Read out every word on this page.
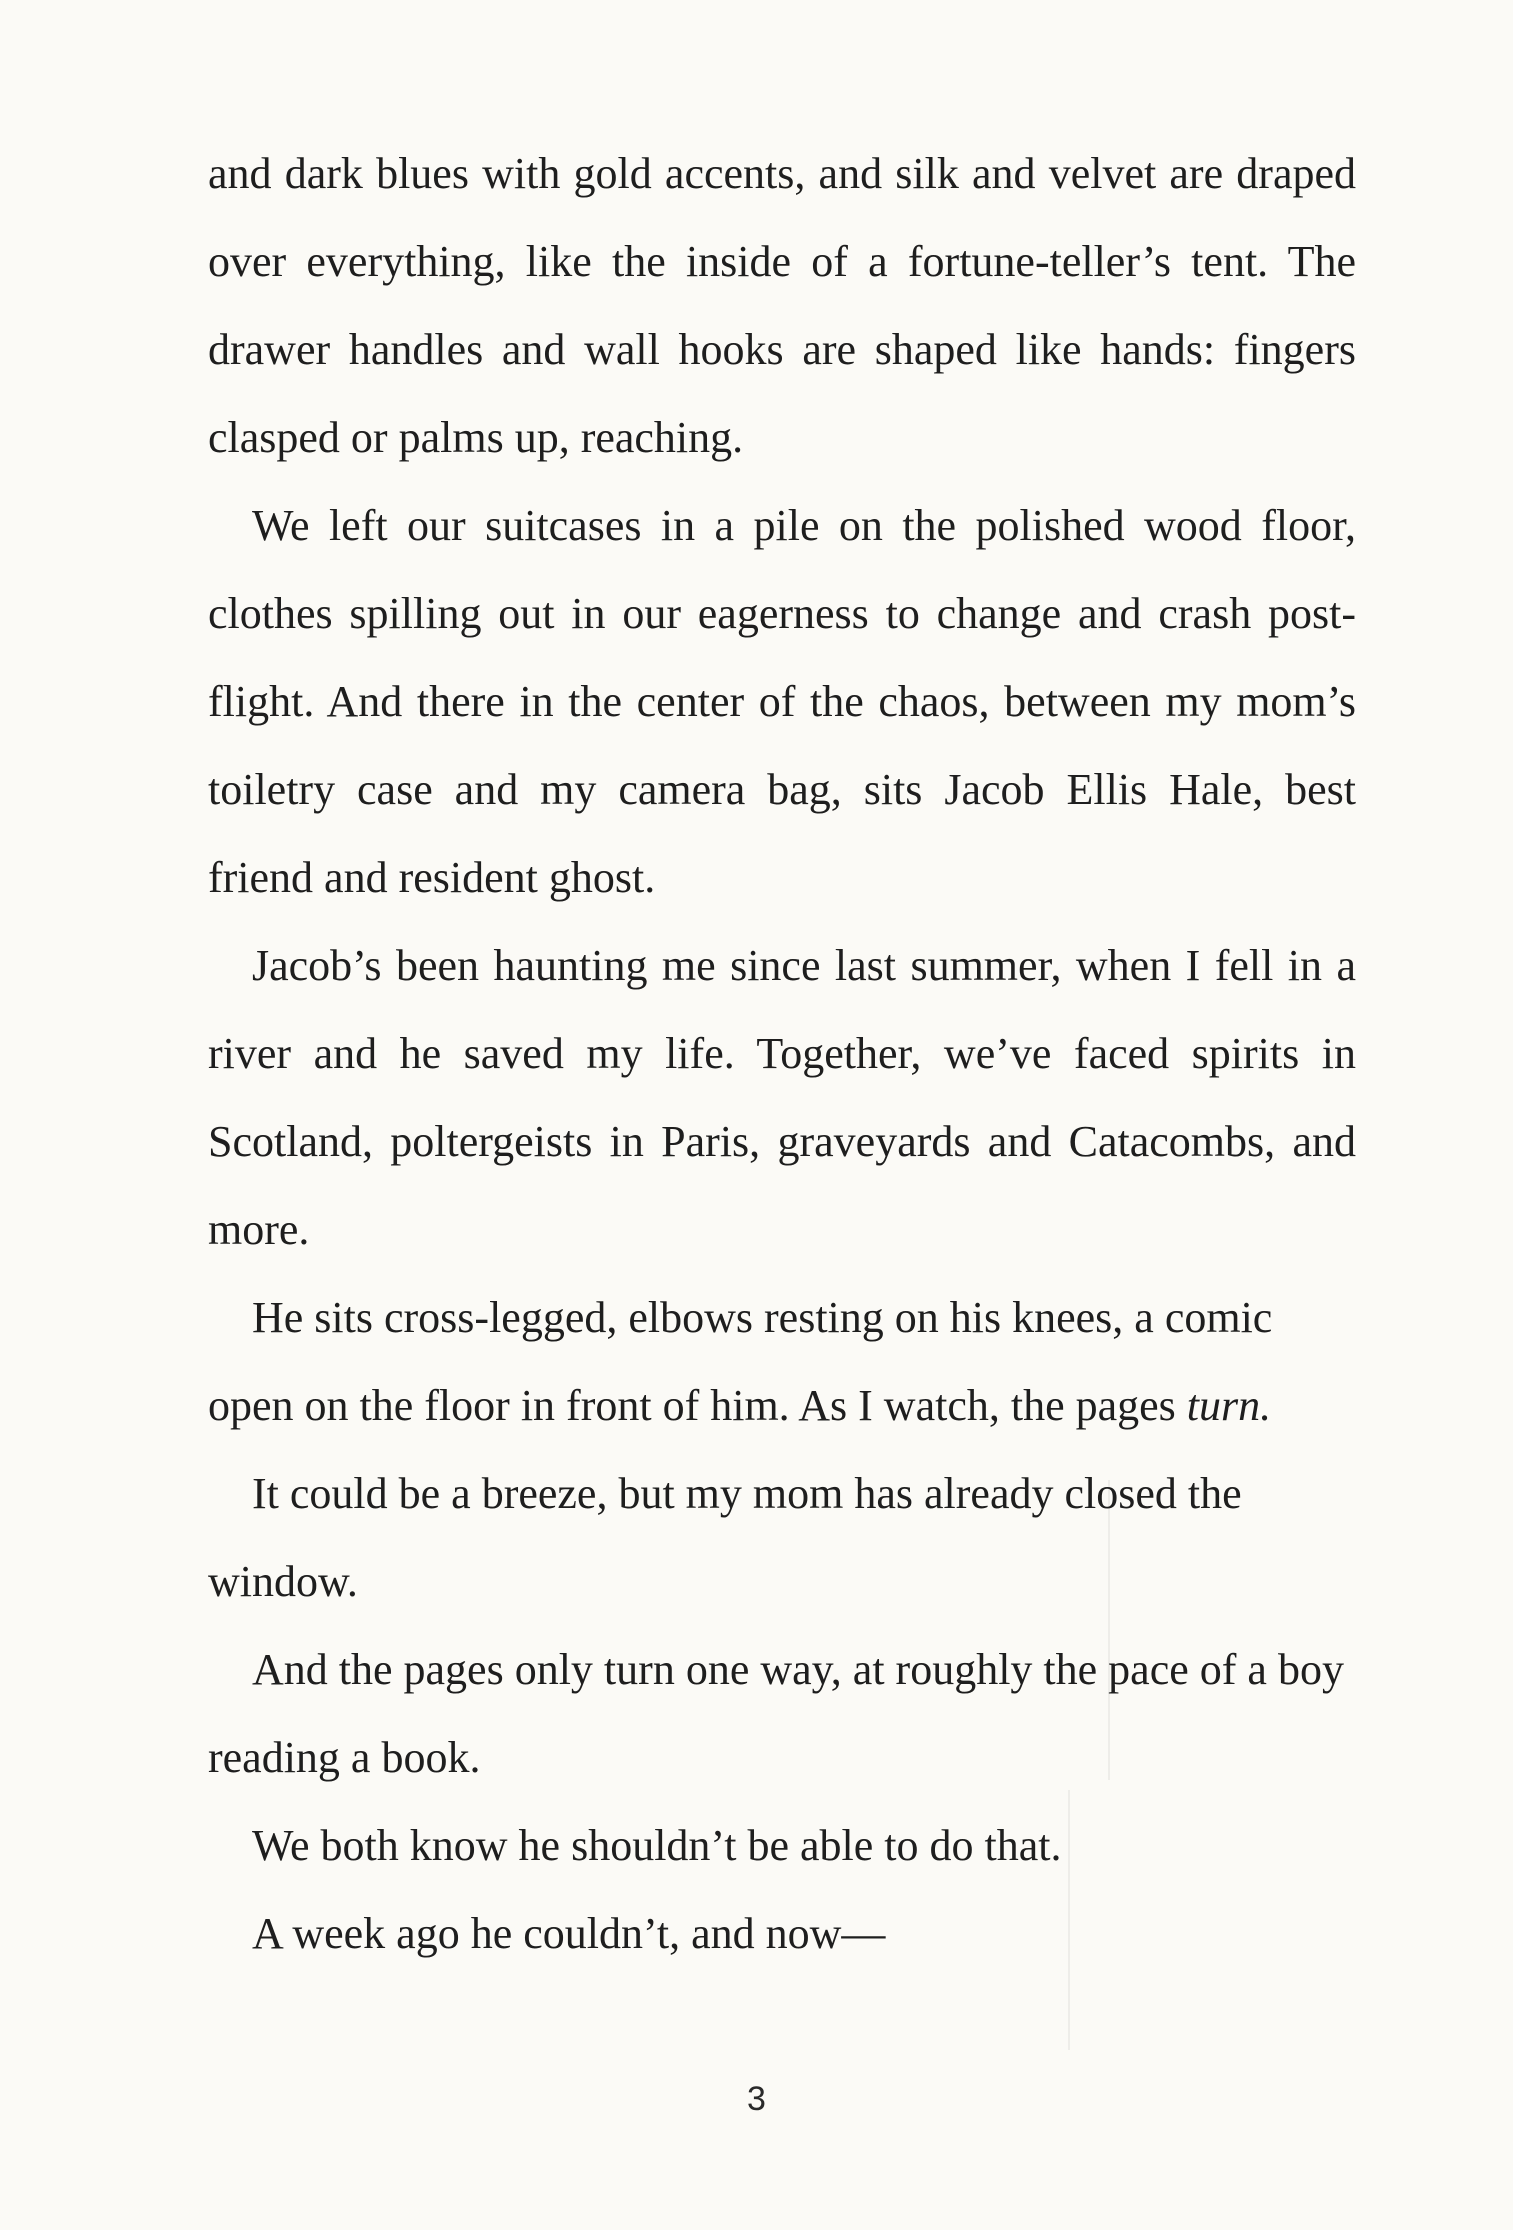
and dark blues with gold accents, and silk and velvet are draped over everything, like the inside of a fortune-teller’s tent. The drawer handles and wall hooks are shaped like hands: fingers clasped or palms up, reaching.

We left our suitcases in a pile on the polished wood floor, clothes spilling out in our eagerness to change and crash post-flight. And there in the center of the chaos, between my mom’s toiletry case and my camera bag, sits Jacob Ellis Hale, best friend and resident ghost.

Jacob’s been haunting me since last summer, when I fell in a river and he saved my life. Together, we’ve faced spirits in Scotland, poltergeists in Paris, graveyards and Catacombs, and more.

He sits cross-legged, elbows resting on his knees, a comic open on the floor in front of him. As I watch, the pages turn.

It could be a breeze, but my mom has already closed the window.

And the pages only turn one way, at roughly the pace of a boy reading a book.

We both know he shouldn’t be able to do that.

A week ago he couldn’t, and now—

3
